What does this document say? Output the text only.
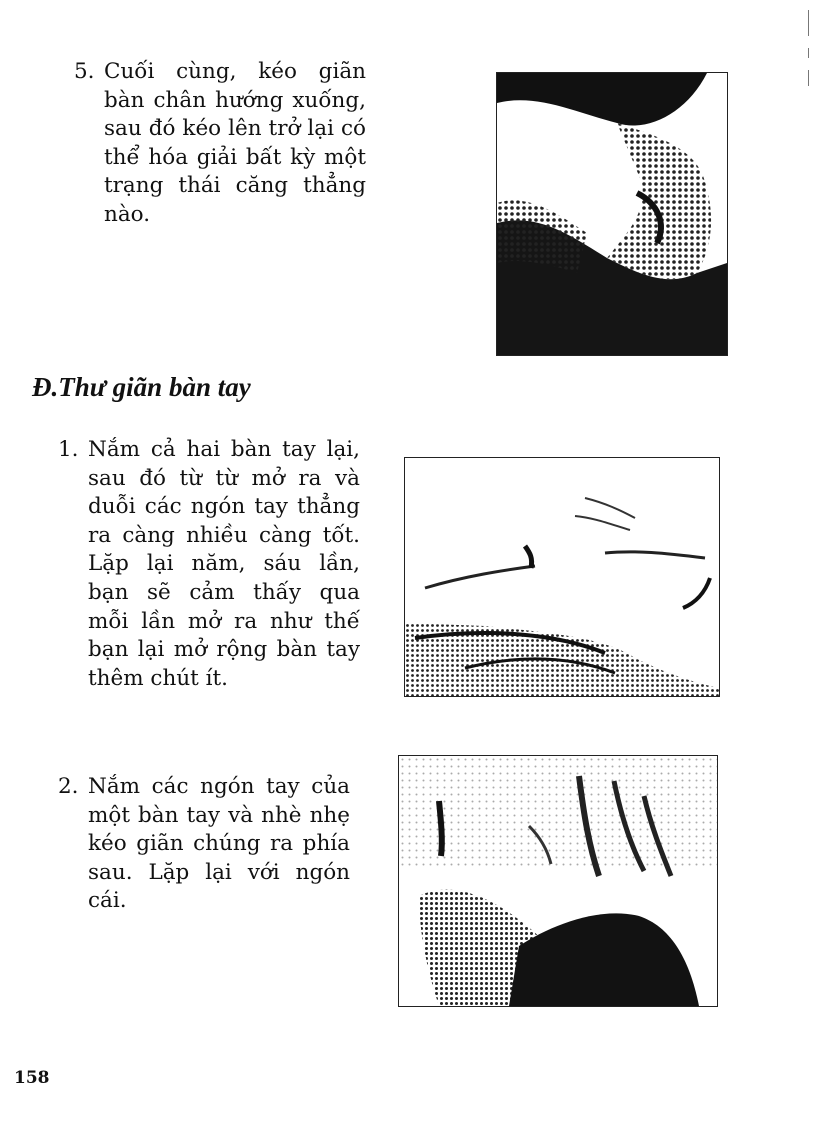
5. Cuối cùng, kéo giãn bàn chân hướng xuống, sau đó kéo lên trở lại có thể hóa giải bất kỳ một trạng thái căng thẳng nào.

Đ.Thư giãn bàn tay
1. Nắm cả hai bàn tay lại, sau đó từ từ mở ra và duỗi các ngón tay thẳng ra càng nhiều càng tốt. Lặp lại năm, sáu lần, bạn sẽ cảm thấy qua mỗi lần mở ra như thế bạn lại mở rộng bàn tay thêm chút ít.

2. Nắm các ngón tay của một bàn tay và nhè nhẹ kéo giãn chúng ra phía sau. Lặp lại với ngón cái.

158
